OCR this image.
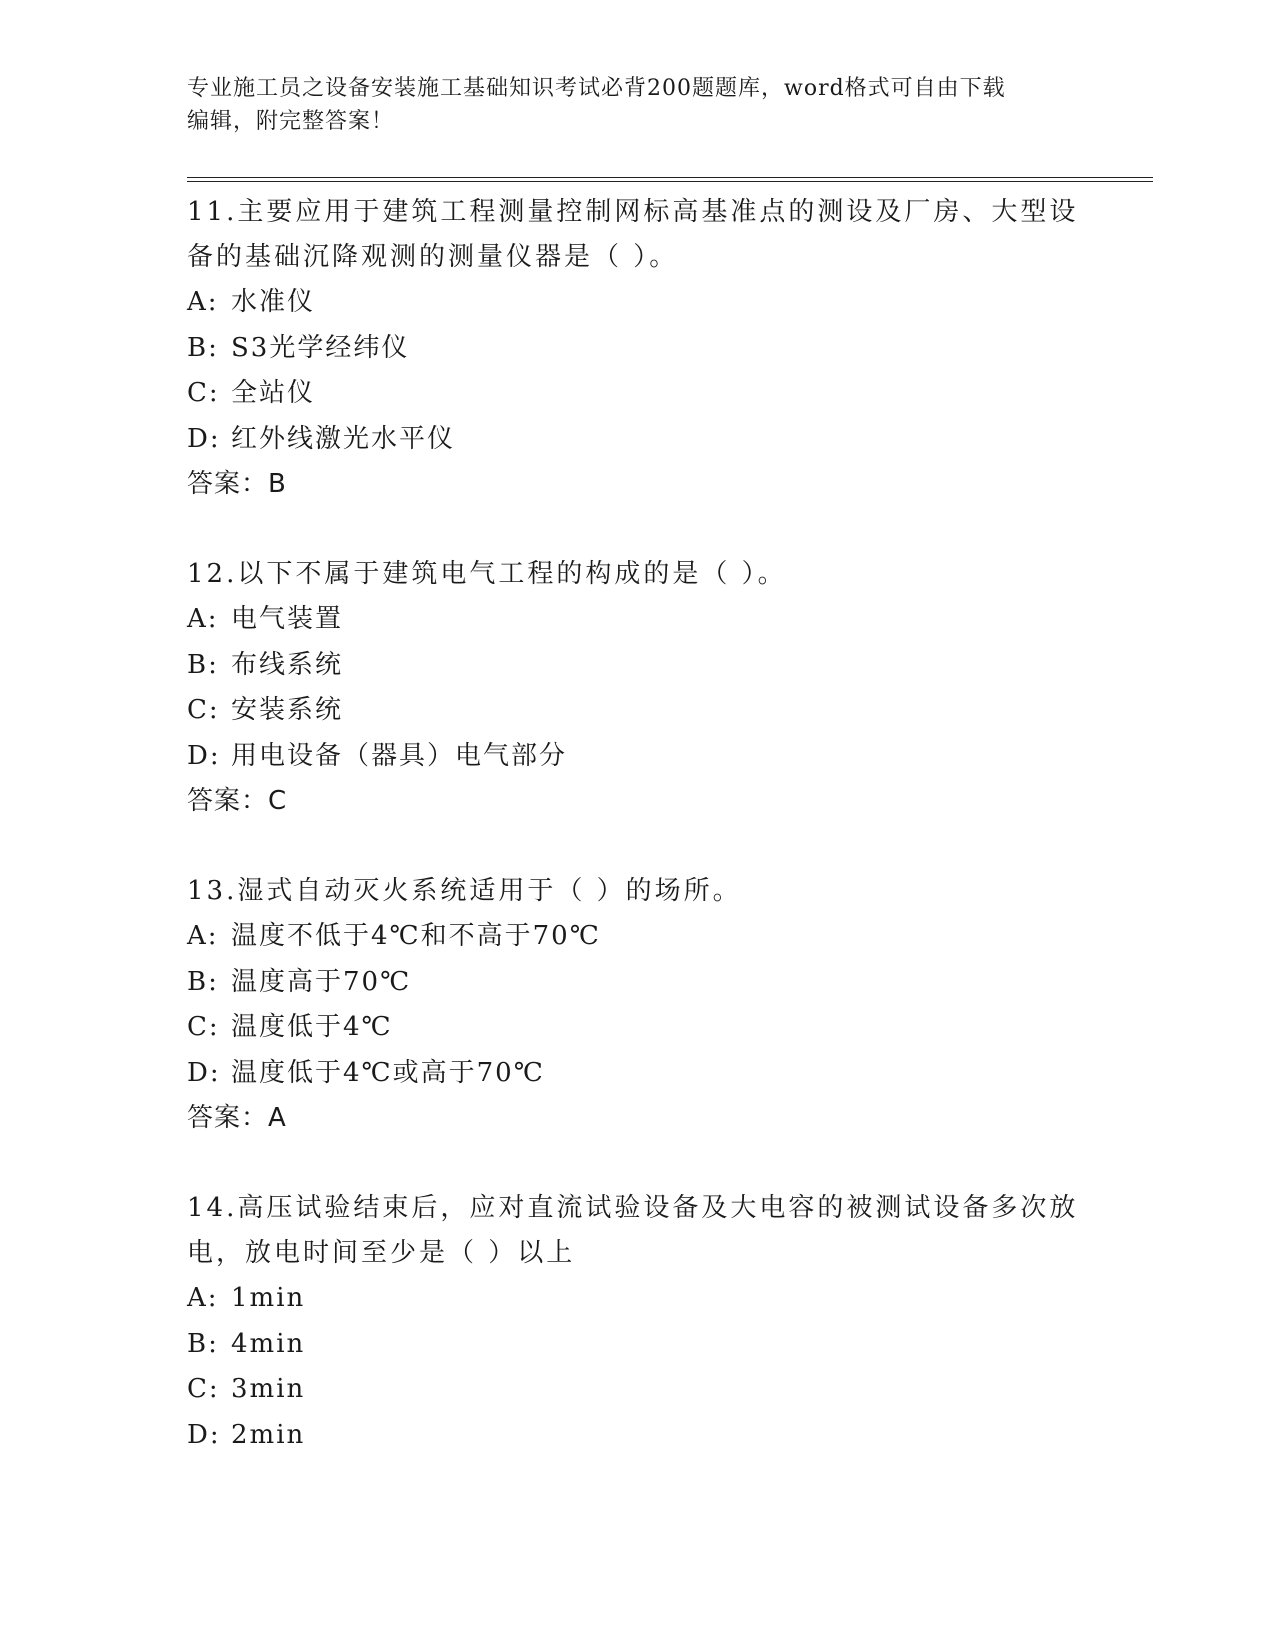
专业施工员之设备安装施工基础知识考试必背200题题库，word格式可自由下载
编辑，附完整答案！

11.主要应用于建筑工程测量控制网标高基准点的测设及厂房、大型设
备的基础沉降观测的测量仪器是（ ）。

A: 水准仪
B: S3光学经纬仪
C: 全站仪
D: 红外线激光水平仪
答案：B

12.以下不属于建筑电气工程的构成的是（ ）。

A: 电气装置
B: 布线系统
C: 安装系统
D: 用电设备（器具）电气部分
答案：C

13.湿式自动灭火系统适用于（ ）的场所。

A: 温度不低于4℃和不高于70℃
B: 温度高于70℃
C: 温度低于4℃
D: 温度低于4℃或高于70℃
答案：A

14.高压试验结束后，应对直流试验设备及大电容的被测试设备多次放
电，放电时间至少是（ ）以上

A: 1min
B: 4min
C: 3min
D: 2min
